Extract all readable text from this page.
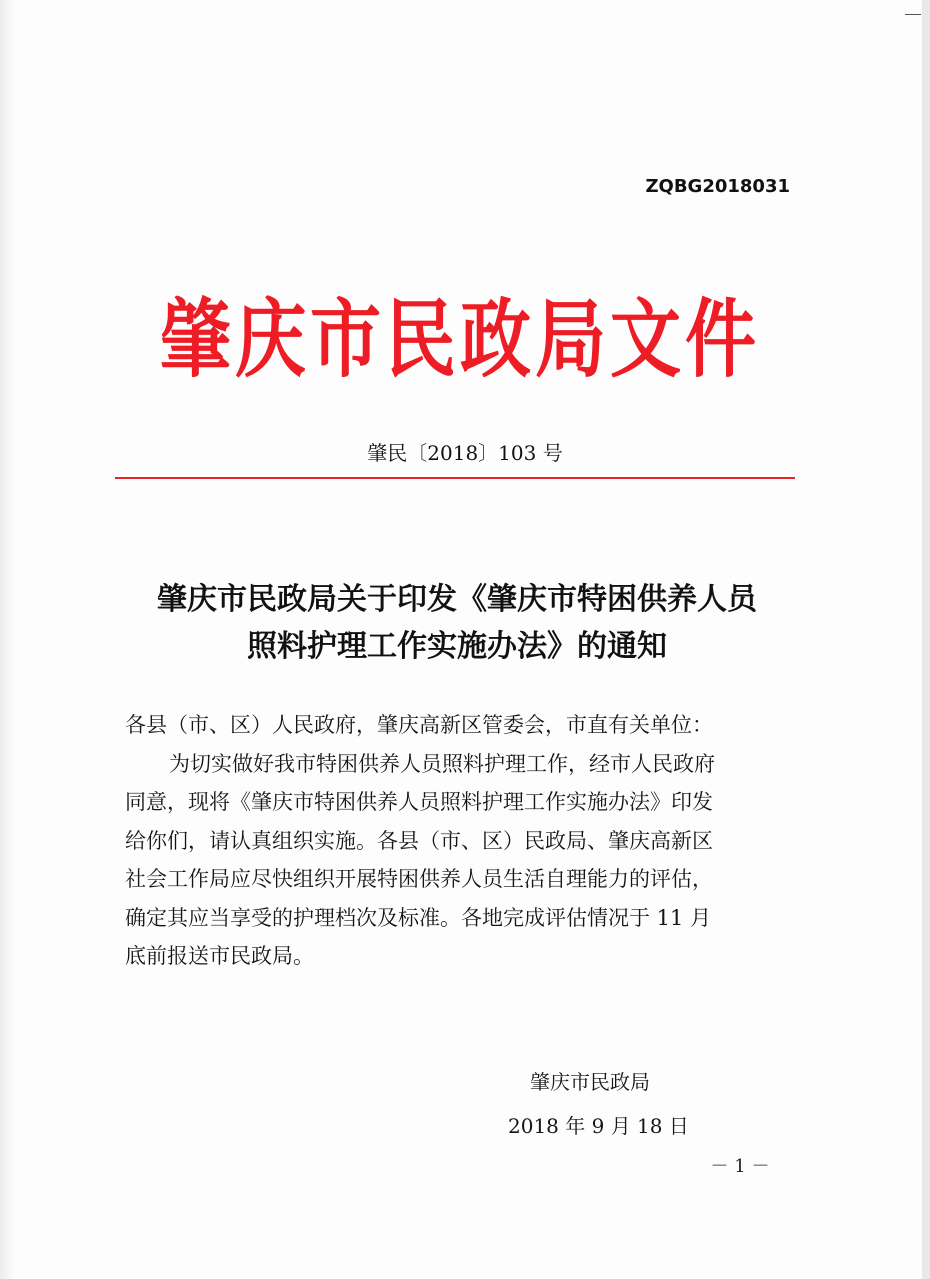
ZQBG2018031
肇庆市民政局文件
肇民〔2018〕103 号
肇庆市民政局关于印发《肇庆市特困供养人员
照料护理工作实施办法》的通知
各县（市、区）人民政府，肇庆高新区管委会，市直有关单位：
为切实做好我市特困供养人员照料护理工作，经市人民政府
同意，现将《肇庆市特困供养人员照料护理工作实施办法》印发
给你们，请认真组织实施。各县（市、区）民政局、肇庆高新区
社会工作局应尽快组织开展特困供养人员生活自理能力的评估，
确定其应当享受的护理档次及标准。各地完成评估情况于 11 月
底前报送市民政局。
肇庆市民政局
2018 年 9 月 18 日
－ 1 －
